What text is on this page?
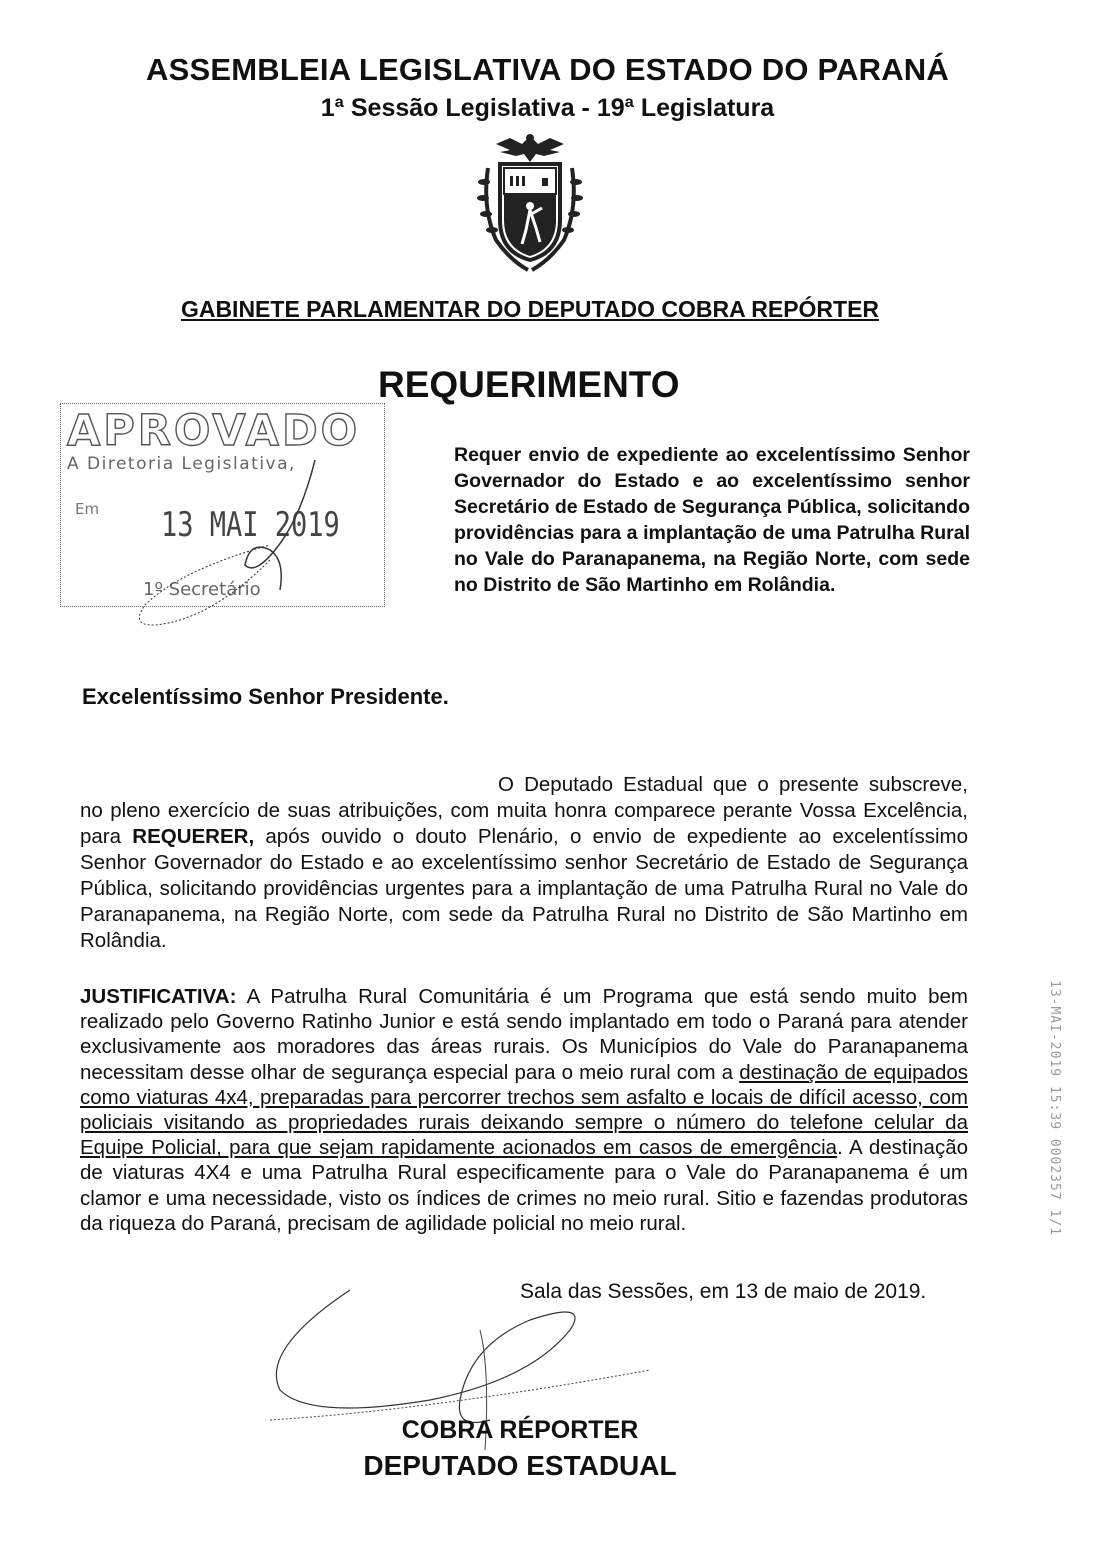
ASSEMBLEIA LEGISLATIVA DO ESTADO DO PARANÁ
1ª Sessão Legislativa - 19ª Legislatura
GABINETE PARLAMENTAR DO DEPUTADO COBRA REPÓRTER
REQUERIMENTO
APROVADO
A Diretoria Legislativa,
Em 13 MAI 2019
1º Secretário
Requer envio de expediente ao excelentíssimo Senhor Governador do Estado e ao excelentíssimo senhor Secretário de Estado de Segurança Pública, solicitando providências para a implantação de uma Patrulha Rural no Vale do Paranapanema, na Região Norte, com sede no Distrito de São Martinho em Rolândia.
Excelentíssimo Senhor Presidente.
O Deputado Estadual que o presente subscreve, no pleno exercício de suas atribuições, com muita honra comparece perante Vossa Excelência, para REQUERER, após ouvido o douto Plenário, o envio de expediente ao excelentíssimo Senhor Governador do Estado e ao excelentíssimo senhor Secretário de Estado de Segurança Pública, solicitando providências urgentes para a implantação de uma Patrulha Rural no Vale do Paranapanema, na Região Norte, com sede da Patrulha Rural no Distrito de São Martinho em Rolândia.
JUSTIFICATIVA: A Patrulha Rural Comunitária é um Programa que está sendo muito bem realizado pelo Governo Ratinho Junior e está sendo implantado em todo o Paraná para atender exclusivamente aos moradores das áreas rurais. Os Municípios do Vale do Paranapanema necessitam desse olhar de segurança especial para o meio rural com a destinação de equipados como viaturas 4x4, preparadas para percorrer trechos sem asfalto e locais de difícil acesso, com policiais visitando as propriedades rurais deixando sempre o número do telefone celular da Equipe Policial, para que sejam rapidamente acionados em casos de emergência. A destinação de viaturas 4X4 e uma Patrulha Rural especificamente para o Vale do Paranapanema é um clamor e uma necessidade, visto os índices de crimes no meio rural. Sitio e fazendas produtoras da riqueza do Paraná, precisam de agilidade policial no meio rural.
Sala das Sessões, em 13 de maio de 2019.
COBRA RÉPORTER
DEPUTADO ESTADUAL
13-MAI-2019 15:39 0002357 1/1
